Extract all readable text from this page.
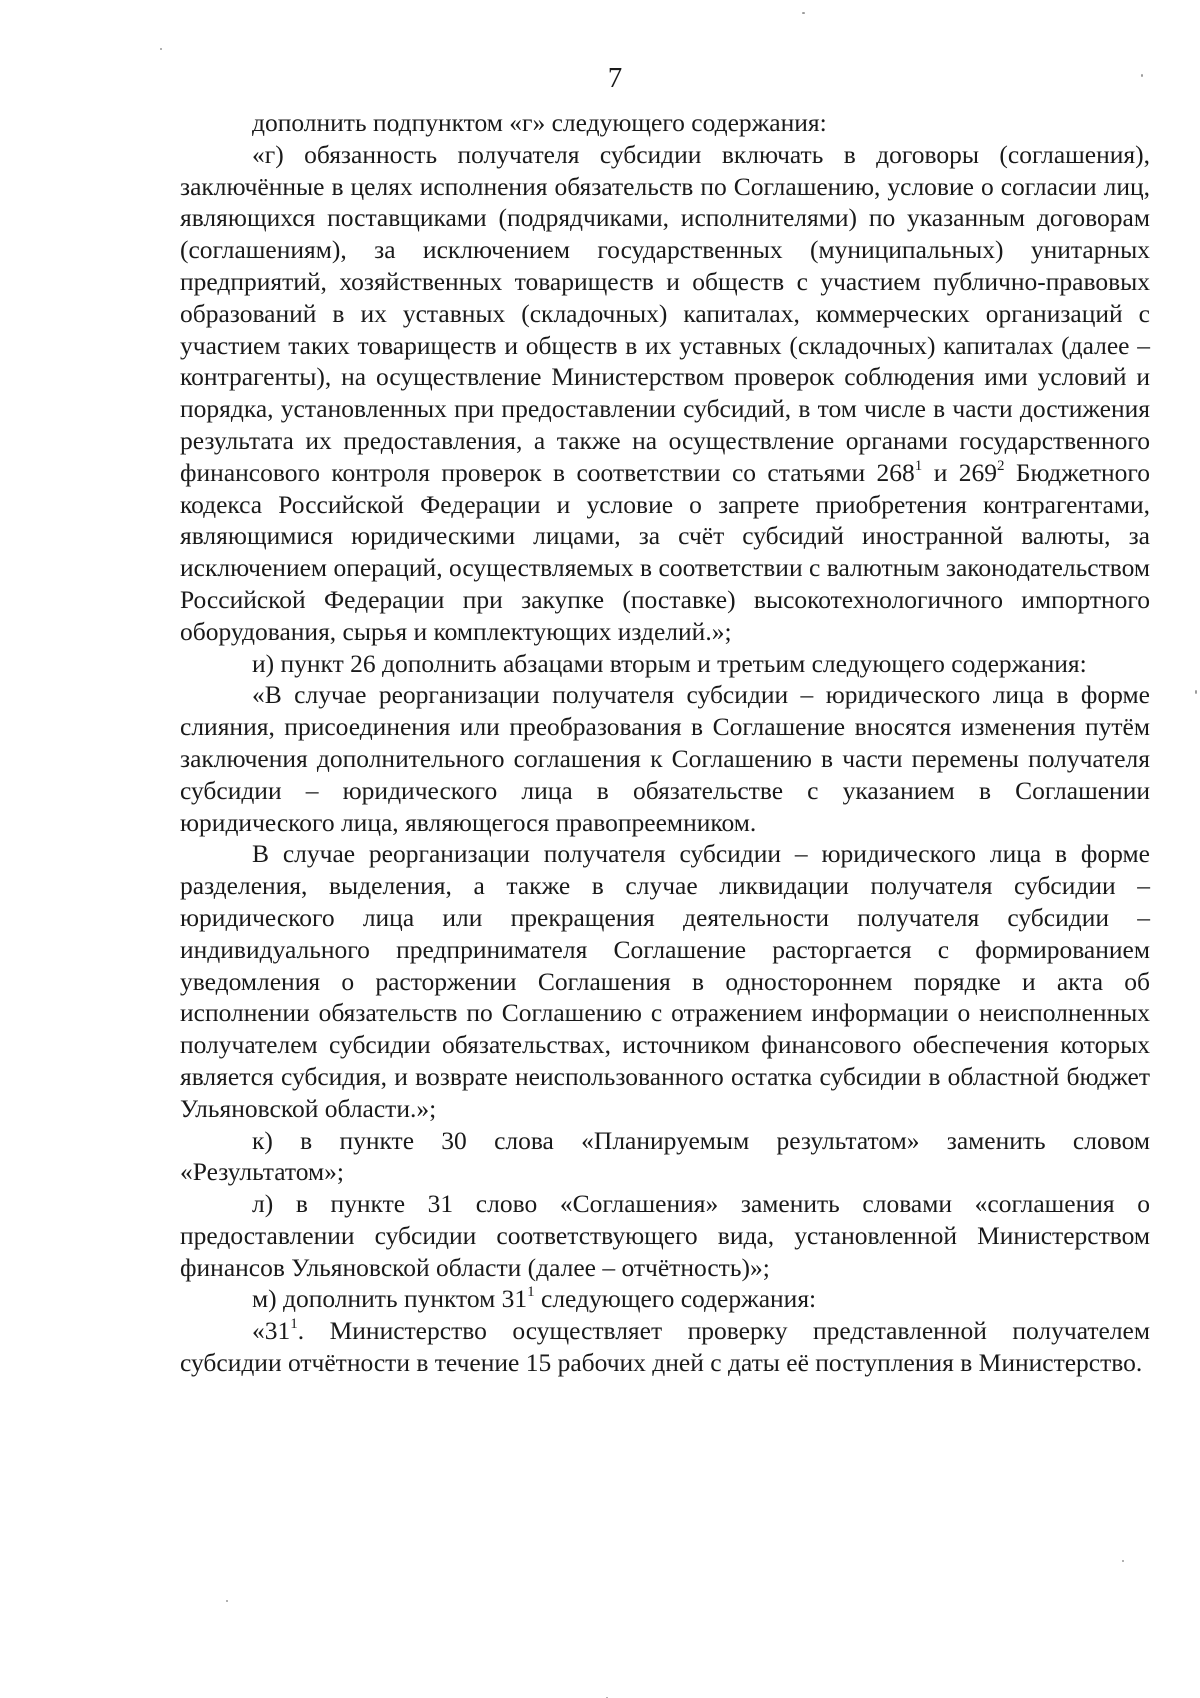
7

дополнить подпунктом «г» следующего содержания:

«г) обязанность получателя субсидии включать в договоры (соглашения), заключённые в целях исполнения обязательств по Соглашению, условие о согласии лиц, являющихся поставщиками (подрядчиками, исполнителями) по указанным договорам (соглашениям), за исключением государственных (муниципальных) унитарных предприятий, хозяйственных товариществ и обществ с участием публично-правовых образований в их уставных (складочных) капиталах, коммерческих организаций с участием таких товариществ и обществ в их уставных (складочных) капиталах (далее – контрагенты), на осуществление Министерством проверок соблюдения ими условий и порядка, установленных при предоставлении субсидий, в том числе в части достижения результата их предоставления, а также на осуществление органами государственного финансового контроля проверок в соответствии со статьями $268^1$ и $269^2$ Бюджетного кодекса Российской Федерации и условие о запрете приобретения контрагентами, являющимися юридическими лицами, за счёт субсидий иностранной валюты, за исключением операций, осуществляемых в соответствии с валютным законодательством Российской Федерации при закупке (поставке) высокотехнологичного импортного оборудования, сырья и комплектующих изделий.»;

и) пункт 26 дополнить абзацами вторым и третьим следующего содержания:

«В случае реорганизации получателя субсидии – юридического лица в форме слияния, присоединения или преобразования в Соглашение вносятся изменения путём заключения дополнительного соглашения к Соглашению в части перемены получателя субсидии – юридического лица в обязательстве с указанием в Соглашении юридического лица, являющегося правопреемником.

В случае реорганизации получателя субсидии – юридического лица в форме разделения, выделения, а также в случае ликвидации получателя субсидии – юридического лица или прекращения деятельности получателя субсидии – индивидуального предпринимателя Соглашение расторгается с формированием уведомления о расторжении Соглашения в одностороннем порядке и акта об исполнении обязательств по Соглашению с отражением информации о неисполненных получателем субсидии обязательствах, источником финансового обеспечения которых является субсидия, и возврате неиспользованного остатка субсидии в областной бюджет Ульяновской области.»;

к) в пункте 30 слова «Планируемым результатом» заменить словом «Результатом»;

л) в пункте 31 слово «Соглашения» заменить словами «соглашения о предоставлении субсидии соответствующего вида, установленной Министерством финансов Ульяновской области (далее – отчётность)»;

м) дополнить пунктом $31^1$ следующего содержания:

«$31^1$. Министерство осуществляет проверку представленной получателем субсидии отчётности в течение 15 рабочих дней с даты её поступления в Министерство.
